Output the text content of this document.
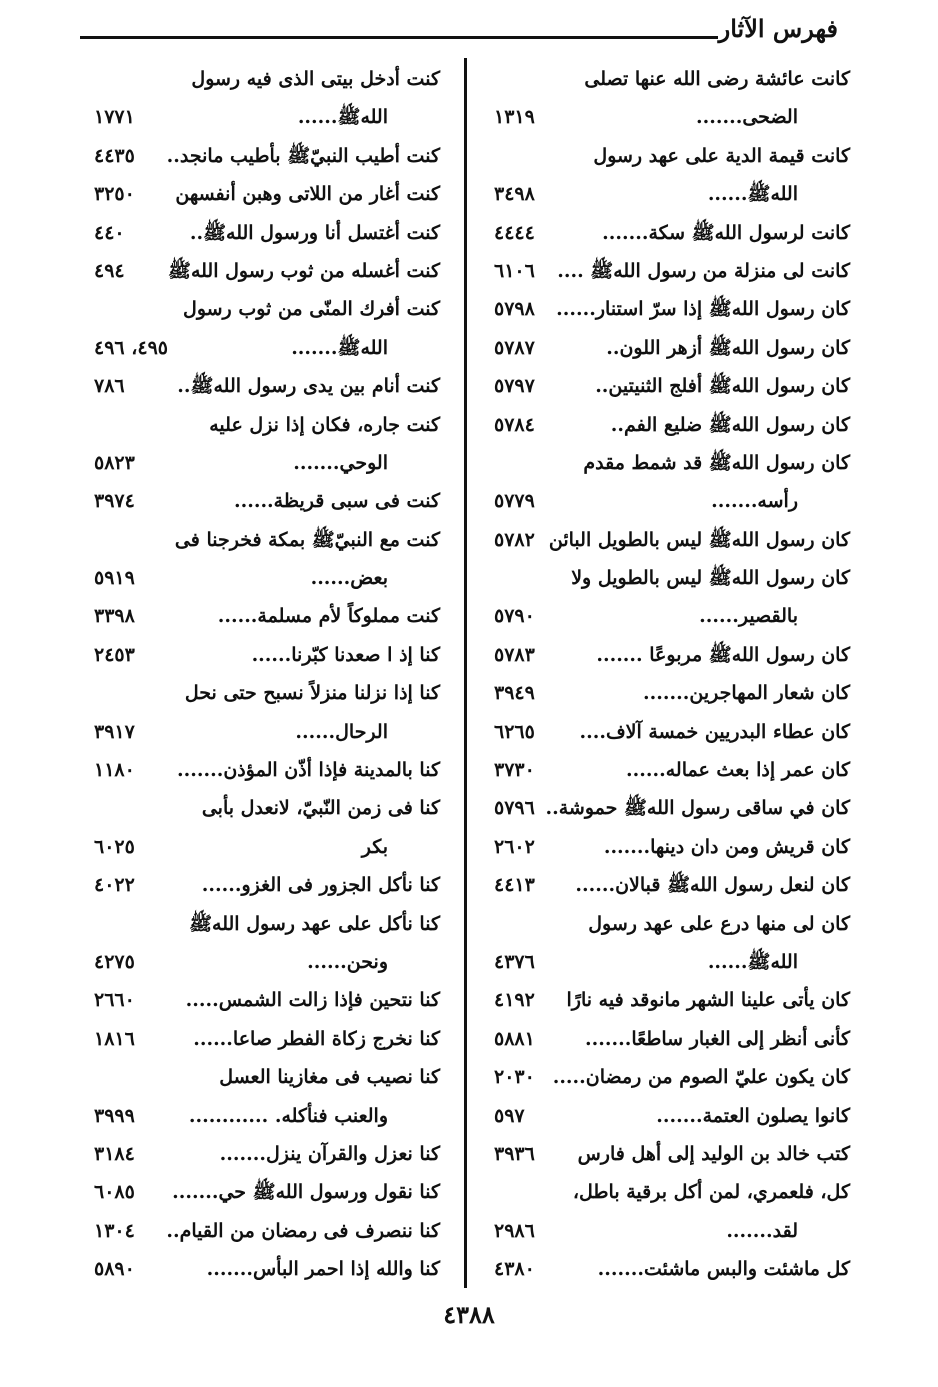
فهرس الآثار
كانت عائشة رضى الله عنها تصلى
الضحى.......
١٣١٩
كانت قيمة الدية على عهد رسول
اللهﷺ......
٣٤٩٨
كانت لرسول اللهﷺ سكة.......
٤٤٤٤
كانت لى منزلة من رسول اللهﷺ ....
٦١٠٦
كان رسول اللهﷺ إذا سرّ استنار......
٥٧٩٨
كان رسول اللهﷺ أزهر اللون..
٥٧٨٧
كان رسول اللهﷺ أفلج الثنيتين..
٥٧٩٧
كان رسول اللهﷺ ضليع الفم..
٥٧٨٤
كان رسول اللهﷺ قد شمط مقدم
رأسه.......
٥٧٧٩
كان رسول اللهﷺ ليس بالطويل البائن
٥٧٨٢
كان رسول اللهﷺ ليس بالطويل ولا
بالقصير......
٥٧٩٠
كان رسول اللهﷺ مربوعًا .......
٥٧٨٣
كان شعار المهاجرين.......
٣٩٤٩
كان عطاء البدريين خمسة آلاف....
٦٢٦٥
كان عمر إذا بعث عماله......
٣٧٣٠
كان في ساقى رسول اللهﷺ حموشة..
٥٧٩٦
كان قريش ومن دان دينها.......
٢٦٠٢
كان لنعل رسول اللهﷺ قبالان......
٤٤١٣
كان لى منها درع على عهد رسول
اللهﷺ......
٤٣٧٦
كان يأتى علينا الشهر مانوقد فيه نارًا
٤١٩٢
كأنى أنظر إلى الغبار ساطعًا.......
٥٨٨١
كان يكون عليّ الصوم من رمضان.....
٢٠٣٠
كانوا يصلون العتمة.......
٥٩٧
كتب خالد بن الوليد إلى أهل فارس
٣٩٣٦
كل، فلعمري، لمن أكل برقية باطل،
لقد.......
٢٩٨٦
كل ماشئت والبس ماشئت.......
٤٣٨٠
كنت أدخل بيتى الذى فيه رسول
اللهﷺ......
١٧٧١
كنت أطيب النبيّﷺ بأطيب مانجد..
٤٤٣٥
كنت أغار من اللاتى وهبن أنفسهن
٣٢٥٠
كنت أغتسل أنا ورسول اللهﷺ..
٤٤٠
كنت أغسله من ثوب رسول اللهﷺ
٤٩٤
كنت أفرك المنّى من ثوب رسول
اللهﷺ.......
٤٩٥، ٤٩٦
كنت أنام بين يدى رسول اللهﷺ..
٧٨٦
كنت جاره، فكان إذا نزل عليه
الوحي.......
٥٨٢٣
كنت فى سبى قريظة......
٣٩٧٤
كنت مع النبيّﷺ بمكة فخرجنا فى
بعض......
٥٩١٩
كنت مملوكاً لأم مسلمة......
٣٣٩٨
كنا إذ ا صعدنا كبّرنا......
٢٤٥٣
كنا إذا نزلنا منزلاً نسبح حتى نحل
الرحال......
٣٩١٧
كنا بالمدينة فإذا أذّن المؤذن.......
١١٨٠
كنا فى زمن النّبيّ، لانعدل بأبى
بكر
٦٠٢٥
كنا نأكل الجزور فى الغزو......
٤٠٢٢
كنا نأكل على عهد رسول اللهﷺ
ونحن......
٤٢٧٥
كنا نتحين فإذا زالت الشمس.....
٢٦٦٠
كنا نخرج زكاة الفطر صاعا......
١٨١٦
كنا نصيب فى مغازينا العسل
والعنب فنأكله. ............
٣٩٩٩
كنا نعزل والقرآن ينزل.......
٣١٨٤
كنا نقول ورسول اللهﷺ حي.......
٦٠٨٥
كنا ننصرف فى رمضان من القيام..
١٣٠٤
كنا والله إذا احمر البأس.......
٥٨٩٠
٤٣٨٨
